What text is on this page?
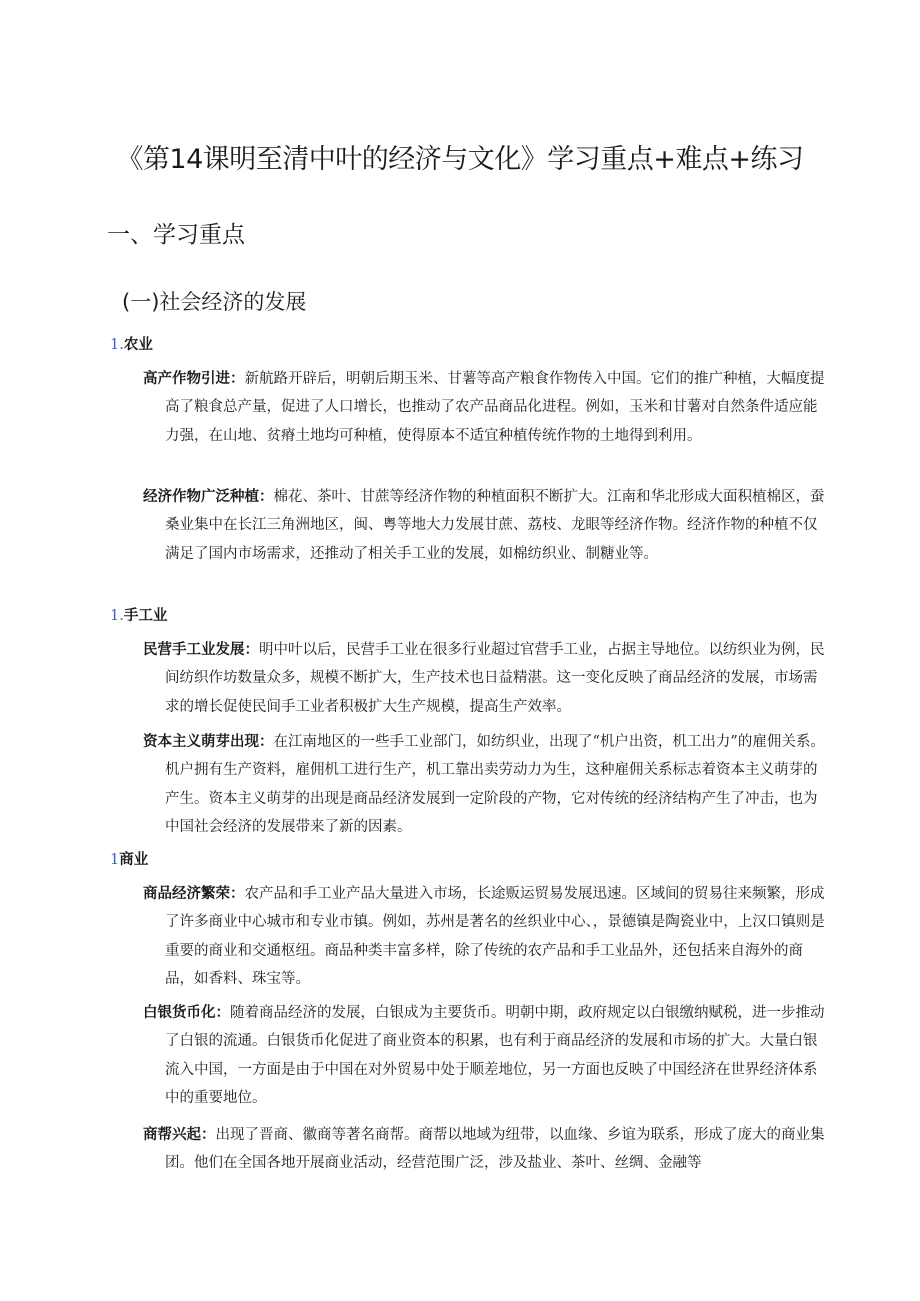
《第14课明至清中叶的经济与文化》学习重点+难点+练习
一、学习重点
(一)社会经济的发展
1.农业

高产作物引进：新航路开辟后，明朝后期玉米、甘薯等高产粮食作物传入中国。它们的推广种植，大幅度提高了粮食总产量，促进了人口增长，也推动了农产品商品化进程。例如，玉米和甘薯对自然条件适应能力强，在山地、贫瘠土地均可种植，使得原本不适宜种植传统作物的土地得到利用。

经济作物广泛种植：棉花、茶叶、甘蔗等经济作物的种植面积不断扩大。江南和华北形成大面积植棉区，蚕桑业集中在长江三角洲地区，闽、粤等地大力发展甘蔗、荔枝、龙眼等经济作物。经济作物的种植不仅满足了国内市场需求，还推动了相关手工业的发展，如棉纺织业、制糖业等。

1.手工业

民营手工业发展：明中叶以后，民营手工业在很多行业超过官营手工业，占据主导地位。以纺织业为例，民间纺织作坊数量众多，规模不断扩大，生产技术也日益精湛。这一变化反映了商品经济的发展，市场需求的增长促使民间手工业者积极扩大生产规模，提高生产效率。

资本主义萌芽出现：在江南地区的一些手工业部门，如纺织业，出现了“机户出资，机工出力”的雇佣关系。机户拥有生产资料，雇佣机工进行生产，机工靠出卖劳动力为生，这种雇佣关系标志着资本主义萌芽的产生。资本主义萌芽的出现是商品经济发展到一定阶段的产物，它对传统的经济结构产生了冲击，也为中国社会经济的发展带来了新的因素。

1商业

商品经济繁荣：农产品和手工业产品大量进入市场，长途贩运贸易发展迅速。区域间的贸易往来频繁，形成了许多商业中心城市和专业市镇。例如，苏州是著名的丝织业中心、，景德镇是陶瓷业中，上汉口镇则是重要的商业和交通枢纽。商品种类丰富多样，除了传统的农产品和手工业品外，还包括来自海外的商品，如香料、珠宝等。

白银货币化：随着商品经济的发展，白银成为主要货币。明朝中期，政府规定以白银缴纳赋税，进一步推动了白银的流通。白银货币化促进了商业资本的积累，也有利于商品经济的发展和市场的扩大。大量白银流入中国，一方面是由于中国在对外贸易中处于顺差地位，另一方面也反映了中国经济在世界经济体系中的重要地位。

商帮兴起：出现了晋商、徽商等著名商帮。商帮以地域为纽带，以血缘、乡谊为联系，形成了庞大的商业集团。他们在全国各地开展商业活动，经营范围广泛，涉及盐业、茶叶、丝绸、金融等
